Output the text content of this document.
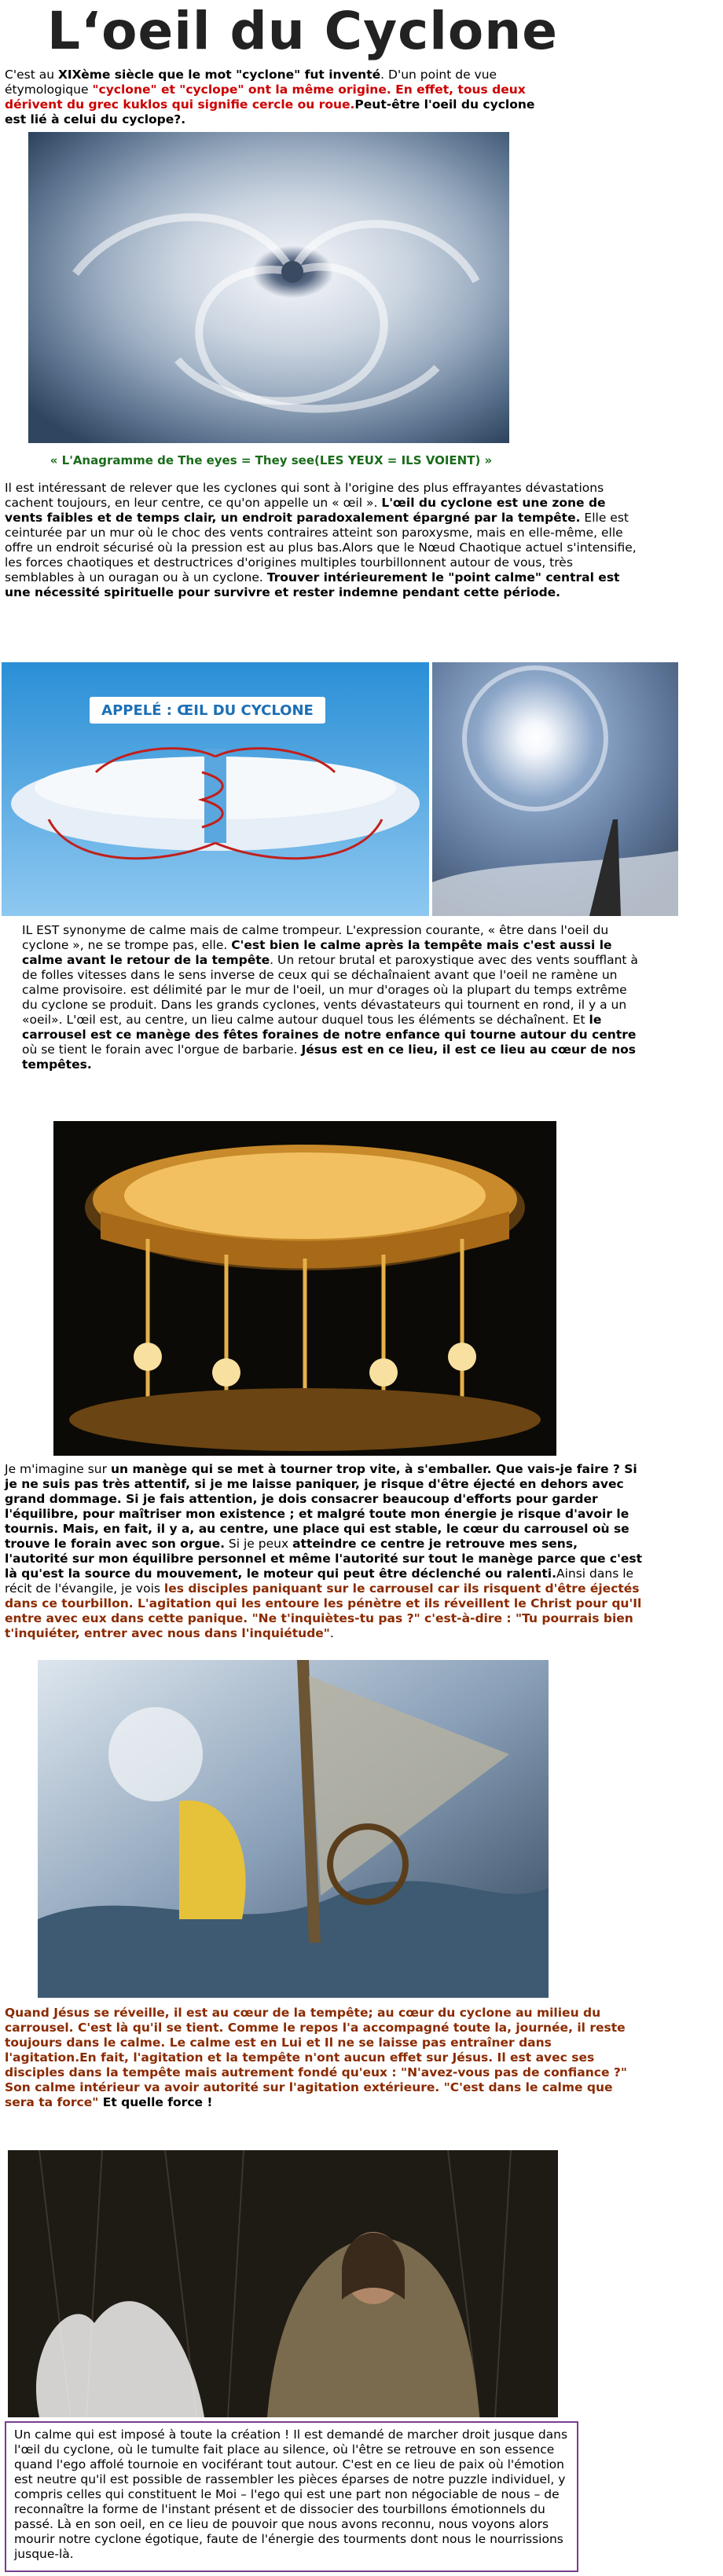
L‘oeil du Cyclone
C'est au XIXème siècle que le mot "cyclone" fut inventé. D'un point de vue étymologique "cyclone" et "cyclope" ont la même origine. En effet, tous deux dérivent du grec kuklos qui signifie cercle ou roue.Peut-être l'oeil du cyclone est lié à celui du cyclope?.
« L'Anagramme de The eyes = They see(LES YEUX = ILS VOIENT) »
Il est intéressant de relever que les cyclones qui sont à l'origine des plus effrayantes dévastations cachent toujours, en leur centre, ce qu'on appelle un « œil ». L'œil du cyclone est une zone de vents faibles et de temps clair, un endroit paradoxalement épargné par la tempête. Elle est ceinturée par un mur où le choc des vents contraires atteint son paroxysme, mais en elle-même, elle offre un endroit sécurisé où la pression est au plus bas.Alors que le Nœud Chaotique actuel s'intensifie, les forces chaotiques et destructrices d'origines multiples tourbillonnent autour de vous, très semblables à un ouragan ou à un cyclone. Trouver intérieurement le "point calme" central est une nécessité spirituelle pour survivre et rester indemne pendant cette période.
APPELÉ : ŒIL DU CYCLONE
IL EST synonyme de calme mais de calme trompeur. L'expression courante, « être dans l'oeil du cyclone », ne se trompe pas, elle. C'est bien le calme après la tempête mais c'est aussi le calme avant le retour de la tempête. Un retour brutal et paroxystique avec des vents soufflant à de folles vitesses dans le sens inverse de ceux qui se déchaînaient avant que l'oeil ne ramène un calme provisoire. est délimité par le mur de l'oeil, un mur d'orages où la plupart du temps extrême du cyclone se produit. Dans les grands cyclones, vents dévastateurs qui tournent en rond, il y a un «oeil». L'œil est, au centre, un lieu calme autour duquel tous les éléments se déchaînent. Et le carrousel est ce manège des fêtes foraines de notre enfance qui tourne autour du centre où se tient le forain avec l'orgue de barbarie. Jésus est en ce lieu, il est ce lieu au cœur de nos tempêtes.
Je m'imagine sur un manège qui se met à tourner trop vite, à s'emballer. Que vais-je faire ? Si je ne suis pas très attentif, si je me laisse paniquer, je risque d'être éjecté en dehors avec grand dommage. Si je fais attention, je dois consacrer beaucoup d'efforts pour garder l'équilibre, pour maîtriser mon existence ; et malgré toute mon énergie je risque d'avoir le tournis. Mais, en fait, il y a, au centre, une place qui est stable, le cœur du carrousel où se trouve le forain avec son orgue. Si je peux atteindre ce centre je retrouve mes sens, l'autorité sur mon équilibre personnel et même l'autorité sur tout le manège parce que c'est là qu'est la source du mouvement, le moteur qui peut être déclenché ou ralenti.Ainsi dans le récit de l'évangile, je vois les disciples paniquant sur le carrousel car ils risquent d'être éjectés dans ce tourbillon. L'agitation qui les entoure les pénètre et ils réveillent le Christ pour qu'Il entre avec eux dans cette panique. "Ne t'inquiètes-tu pas ?" c'est-à-dire : "Tu pourrais bien t'inquiéter, entrer avec nous dans l'inquiétude".
Quand Jésus se réveille, il est au cœur de la tempête; au cœur du cyclone au milieu du carrousel. C'est là qu'il se tient. Comme le repos l'a accompagné toute la, journée, il reste toujours dans le calme. Le calme est en Lui et Il ne se laisse pas entraîner dans l'agitation.En fait, l'agitation et la tempête n'ont aucun effet sur Jésus. Il est avec ses disciples dans la tempête mais autrement fondé qu'eux : "N'avez-vous pas de confiance ?" Son calme intérieur va avoir autorité sur l'agitation extérieure. "C'est dans le calme que sera ta force" Et quelle force !
Un calme qui est imposé à toute la création ! Il est demandé de marcher droit jusque dans l'œil du cyclone, où le tumulte fait place au silence, où l'être se retrouve en son essence quand l'ego affolé tournoie en vociférant tout autour. C'est en ce lieu de paix où l'émotion est neutre qu'il est possible de rassembler les pièces éparses de notre puzzle individuel, y compris celles qui constituent le Moi – l'ego qui est une part non négociable de nous – de reconnaître la forme de l'instant présent et de dissocier des tourbillons émotionnels du passé. Là en son oeil, en ce lieu de pouvoir que nous avons reconnu, nous voyons alors mourir notre cyclone égotique, faute de l'énergie des tourments dont nous le nourrissions jusque-là.
